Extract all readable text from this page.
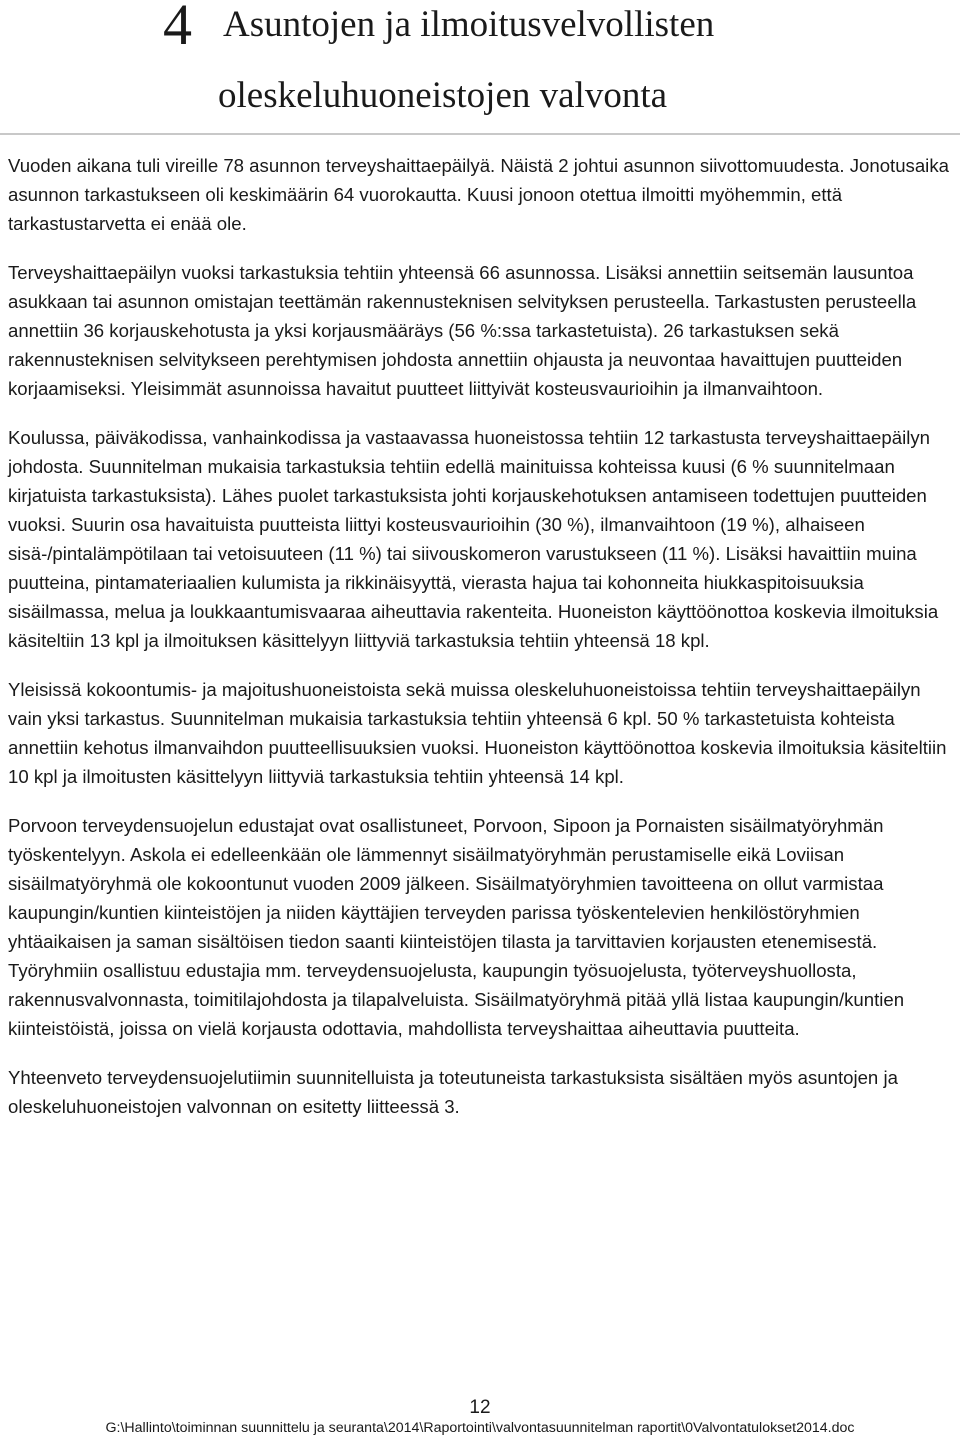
4 Asuntojen ja ilmoitusvelvollisten
oleskeluhuoneistojen valvonta

Vuoden aikana tuli vireille 78 asunnon terveyshaittaepäilyä. Näistä 2 johtui asunnon siivottomuudesta. Jonotusaika asunnon tarkastukseen oli keskimäärin 64 vuorokautta. Kuusi jonoon otettua ilmoitti myöhemmin, että tarkastustarvetta ei enää ole.

Terveyshaittaepäilyn vuoksi tarkastuksia tehtiin yhteensä 66 asunnossa. Lisäksi annettiin seitsemän lausuntoa asukkaan tai asunnon omistajan teettämän rakennusteknisen selvityksen perusteella. Tarkastusten perusteella annettiin 36 korjauskehotusta ja yksi korjausmääräys (56 %:ssa tarkastetuista). 26 tarkastuksen sekä rakennusteknisen selvitykseen perehtymisen johdosta annettiin ohjausta ja neuvontaa havaittujen puutteiden korjaamiseksi. Yleisimmät asunnoissa havaitut puutteet liittyivät kosteusvaurioihin ja ilmanvaihtoon.

Koulussa, päiväkodissa, vanhainkodissa ja vastaavassa huoneistossa tehtiin 12 tarkastusta terveyshaittaepäilyn johdosta. Suunnitelman mukaisia tarkastuksia tehtiin edellä mainituissa kohteissa kuusi (6 % suunnitelmaan kirjatuista tarkastuksista). Lähes puolet tarkastuksista johti korjauskehotuksen antamiseen todettujen puutteiden vuoksi. Suurin osa havaituista puutteista liittyi kosteusvaurioihin (30 %), ilmanvaihtoon (19 %), alhaiseen sisä-/pintalämpötilaan tai vetoisuuteen (11 %) tai siivouskomeron varustukseen (11 %). Lisäksi havaittiin muina puutteina, pintamateriaalien kulumista ja rikkinäisyyttä, vierasta hajua tai kohonneita hiukkaspitoisuuksia sisäilmassa, melua ja loukkaantumisvaaraa aiheuttavia rakenteita. Huoneiston käyttöönottoa koskevia ilmoituksia käsiteltiin 13 kpl ja ilmoituksen käsittelyyn liittyviä tarkastuksia tehtiin yhteensä 18 kpl.

Yleisissä kokoontumis- ja majoitushuoneistoista sekä muissa oleskeluhuoneistoissa tehtiin terveyshaittaepäilyn vain yksi tarkastus. Suunnitelman mukaisia tarkastuksia tehtiin yhteensä 6 kpl. 50 % tarkastetuista kohteista annettiin kehotus ilmanvaihdon puutteellisuuksien vuoksi. Huoneiston käyttöönottoa koskevia ilmoituksia käsiteltiin 10 kpl ja ilmoitusten käsittelyyn liittyviä tarkastuksia tehtiin yhteensä 14 kpl.

Porvoon terveydensuojelun edustajat ovat osallistuneet, Porvoon, Sipoon ja Pornaisten sisäilmatyöryhmän työskentelyyn. Askola ei edelleenkään ole lämmennyt sisäilmatyöryhmän perustamiselle eikä Loviisan sisäilmatyöryhmä ole kokoontunut vuoden 2009 jälkeen. Sisäilmatyöryhmien tavoitteena on ollut varmistaa kaupungin/kuntien kiinteistöjen ja niiden käyttäjien terveyden parissa työskentelevien henkilöstöryhmien yhtäaikaisen ja saman sisältöisen tiedon saanti kiinteistöjen tilasta ja tarvittavien korjausten etenemisestä. Työryhmiin osallistuu edustajia mm. terveydensuojelusta, kaupungin työsuojelusta, työterveyshuollosta, rakennusvalvonnasta, toimitilajohdosta ja tilapalveluista. Sisäilmatyöryhmä pitää yllä listaa kaupungin/kuntien kiinteistöistä, joissa on vielä korjausta odottavia, mahdollista terveyshaittaa aiheuttavia puutteita.

Yhteenveto terveydensuojelutiimin suunnitelluista ja toteutuneista tarkastuksista sisältäen myös asuntojen ja oleskeluhuoneistojen valvonnan on esitetty liitteessä 3.

12
G:\Hallinto\toiminnan suunnittelu ja seuranta\2014\Raportointi\valvontasuunnitelman raportit\0Valvontatulokset2014.doc
